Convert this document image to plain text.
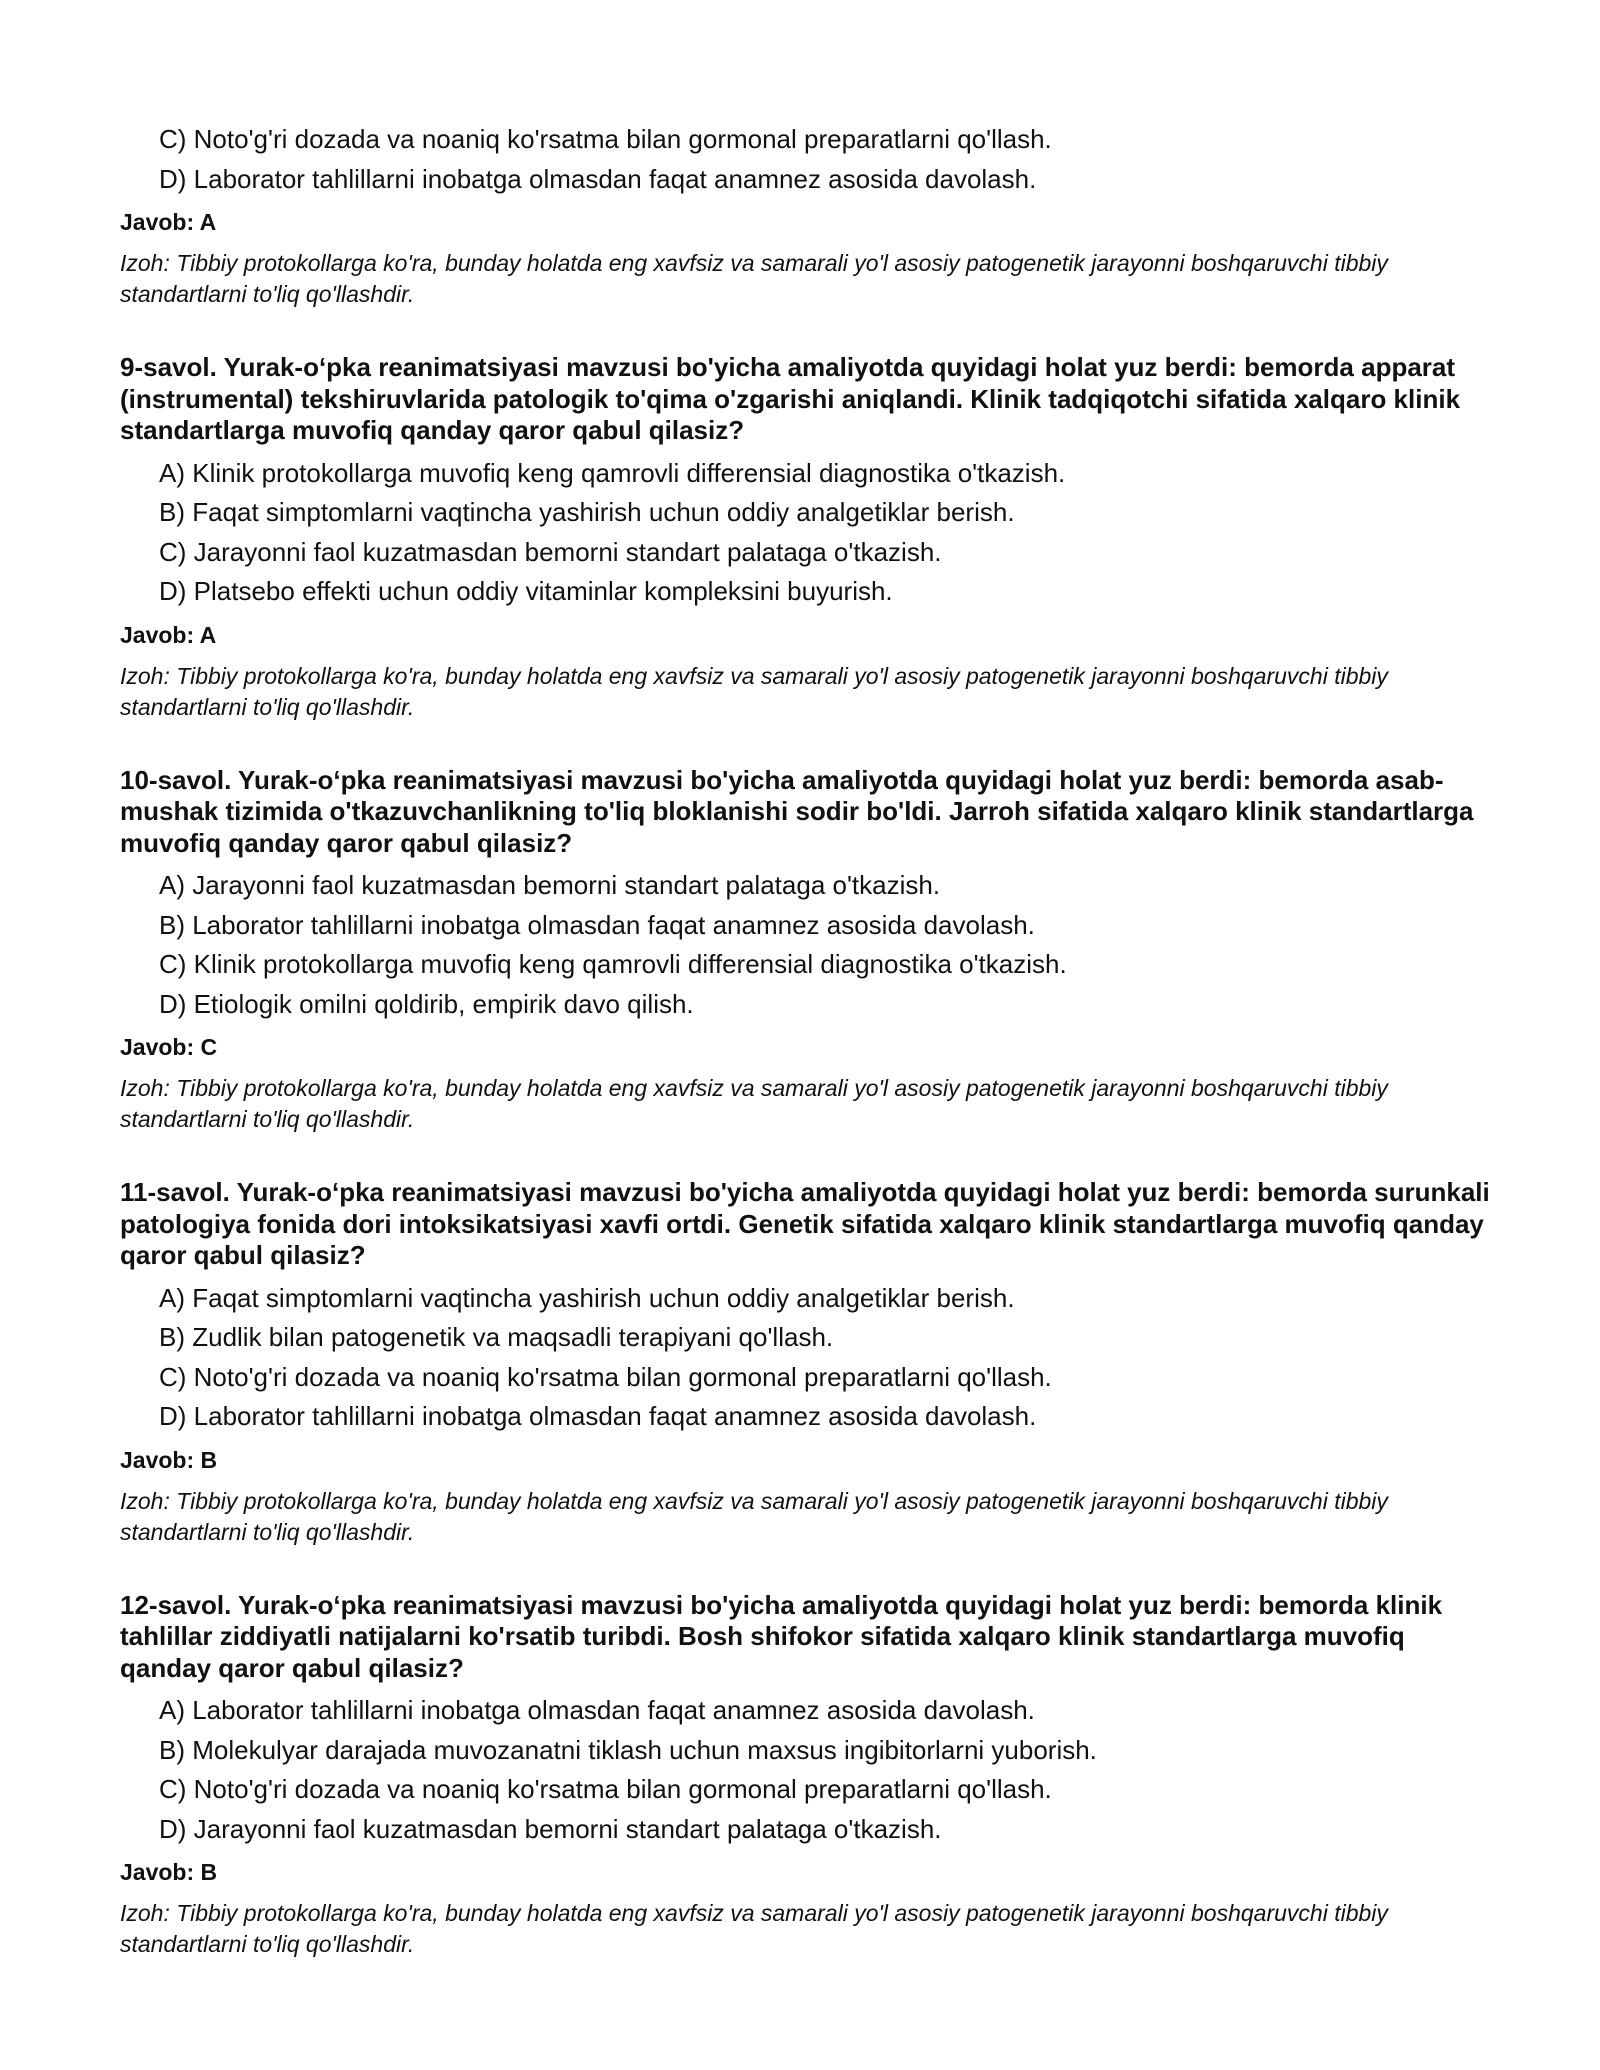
C) Noto'g'ri dozada va noaniq ko'rsatma bilan gormonal preparatlarni qo'llash.
D) Laborator tahlillarni inobatga olmasdan faqat anamnez asosida davolash.
Javob: A
Izoh: Tibbiy protokollarga ko'ra, bunday holatda eng xavfsiz va samarali yo'l asosiy patogenetik jarayonni boshqaruvchi tibbiy standartlarni to'liq qo'llashdir.
9-savol. Yurak-o‘pka reanimatsiyasi mavzusi bo'yicha amaliyotda quyidagi holat yuz berdi: bemorda apparat (instrumental) tekshiruvlarida patologik to'qima o'zgarishi aniqlandi. Klinik tadqiqotchi sifatida xalqaro klinik standartlarga muvofiq qanday qaror qabul qilasiz?
A) Klinik protokollarga muvofiq keng qamrovli differensial diagnostika o'tkazish.
B) Faqat simptomlarni vaqtincha yashirish uchun oddiy analgetiklar berish.
C) Jarayonni faol kuzatmasdan bemorni standart palataga o'tkazish.
D) Platsebo effekti uchun oddiy vitaminlar kompleksini buyurish.
Javob: A
Izoh: Tibbiy protokollarga ko'ra, bunday holatda eng xavfsiz va samarali yo'l asosiy patogenetik jarayonni boshqaruvchi tibbiy standartlarni to'liq qo'llashdir.
10-savol. Yurak-o‘pka reanimatsiyasi mavzusi bo'yicha amaliyotda quyidagi holat yuz berdi: bemorda asab-mushak tizimida o'tkazuvchanlikning to'liq bloklanishi sodir bo'ldi. Jarroh sifatida xalqaro klinik standartlarga muvofiq qanday qaror qabul qilasiz?
A) Jarayonni faol kuzatmasdan bemorni standart palataga o'tkazish.
B) Laborator tahlillarni inobatga olmasdan faqat anamnez asosida davolash.
C) Klinik protokollarga muvofiq keng qamrovli differensial diagnostika o'tkazish.
D) Etiologik omilni qoldirib, empirik davo qilish.
Javob: C
Izoh: Tibbiy protokollarga ko'ra, bunday holatda eng xavfsiz va samarali yo'l asosiy patogenetik jarayonni boshqaruvchi tibbiy standartlarni to'liq qo'llashdir.
11-savol. Yurak-o‘pka reanimatsiyasi mavzusi bo'yicha amaliyotda quyidagi holat yuz berdi: bemorda surunkali patologiya fonida dori intoksikatsiyasi xavfi ortdi. Genetik sifatida xalqaro klinik standartlarga muvofiq qanday qaror qabul qilasiz?
A) Faqat simptomlarni vaqtincha yashirish uchun oddiy analgetiklar berish.
B) Zudlik bilan patogenetik va maqsadli terapiyani qo'llash.
C) Noto'g'ri dozada va noaniq ko'rsatma bilan gormonal preparatlarni qo'llash.
D) Laborator tahlillarni inobatga olmasdan faqat anamnez asosida davolash.
Javob: B
Izoh: Tibbiy protokollarga ko'ra, bunday holatda eng xavfsiz va samarali yo'l asosiy patogenetik jarayonni boshqaruvchi tibbiy standartlarni to'liq qo'llashdir.
12-savol. Yurak-o‘pka reanimatsiyasi mavzusi bo'yicha amaliyotda quyidagi holat yuz berdi: bemorda klinik tahlillar ziddiyatli natijalarni ko'rsatib turibdi. Bosh shifokor sifatida xalqaro klinik standartlarga muvofiq qanday qaror qabul qilasiz?
A) Laborator tahlillarni inobatga olmasdan faqat anamnez asosida davolash.
B) Molekulyar darajada muvozanatni tiklash uchun maxsus ingibitorlarni yuborish.
C) Noto'g'ri dozada va noaniq ko'rsatma bilan gormonal preparatlarni qo'llash.
D) Jarayonni faol kuzatmasdan bemorni standart palataga o'tkazish.
Javob: B
Izoh: Tibbiy protokollarga ko'ra, bunday holatda eng xavfsiz va samarali yo'l asosiy patogenetik jarayonni boshqaruvchi tibbiy standartlarni to'liq qo'llashdir.
